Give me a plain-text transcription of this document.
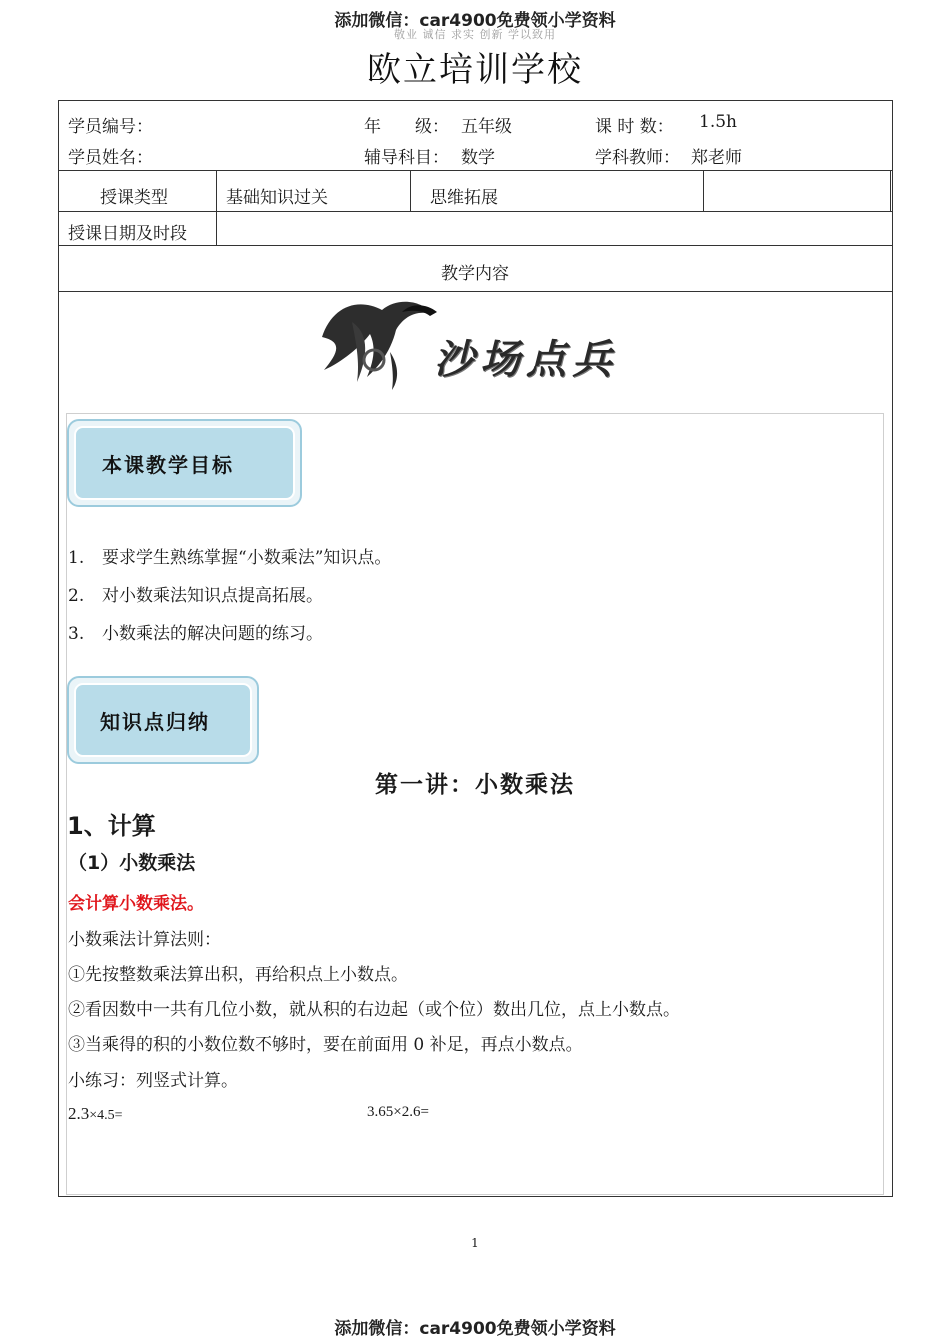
添加微信：car4900免费领小学资料
敬业 诚信 求实 创新 学以致用
欧立培训学校
学员编号：	年　　级： 五年级	课 时 数： 1.5h
学员姓名：	辅导科目： 数学	学科教师： 郑老师
授课类型	基础知识过关	思维拓展
授课日期及时段
教学内容
沙场点兵
本课教学目标
1. 要求学生熟练掌握“小数乘法”知识点。
2. 对小数乘法知识点提高拓展。
3. 小数乘法的解决问题的练习。
知识点归纳
第一讲：小数乘法
1、计算
（1）小数乘法
会计算小数乘法。
小数乘法计算法则：
①先按整数乘法算出积，再给积点上小数点。
②看因数中一共有几位小数，就从积的右边起（或个位）数出几位，点上小数点。
③当乘得的积的小数位数不够时，要在前面用 0 补足，再点小数点。
小练习：列竖式计算。
2.3×4.5=	3.65×2.6=
1
添加微信：car4900免费领小学资料
